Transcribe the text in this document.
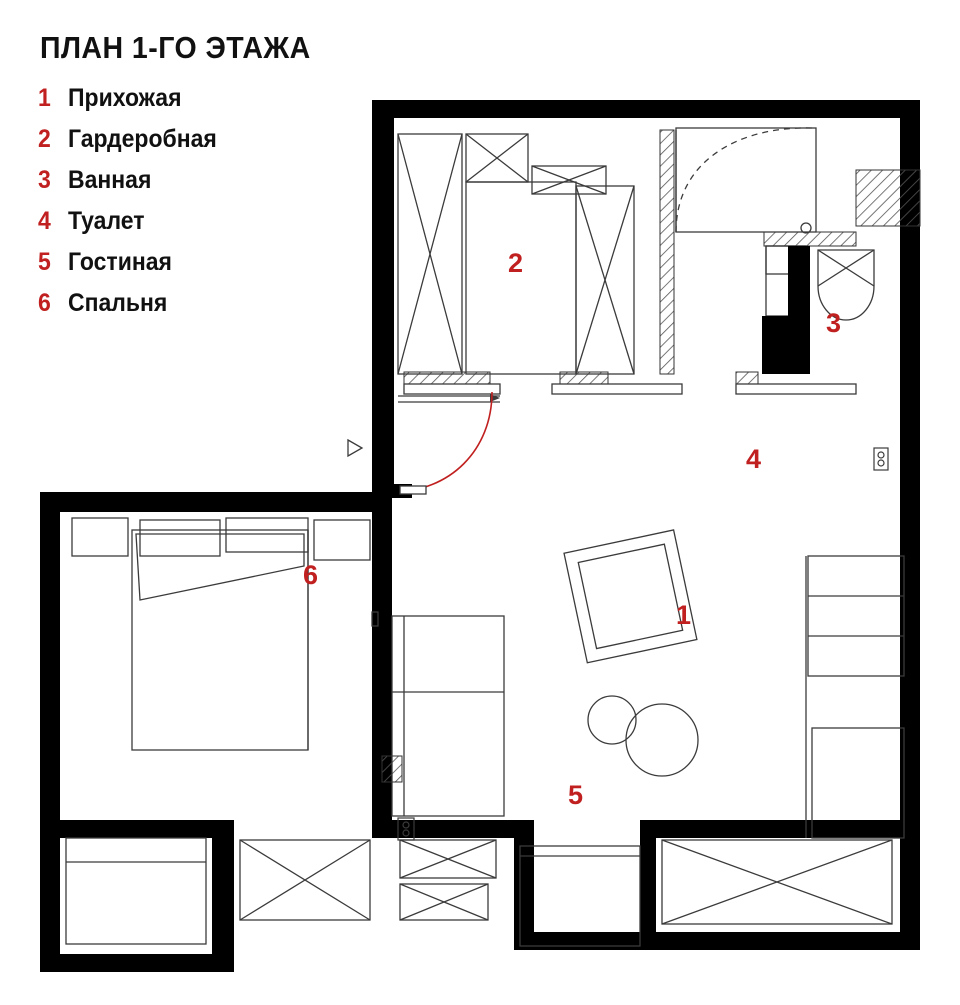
ПЛАН 1-ГО ЭТАЖА
1 Прихожая
2 Гардеробная
3 Ванная
4 Туалет
5 Гостиная
6 Спальня
2
3
4
6
1
5
